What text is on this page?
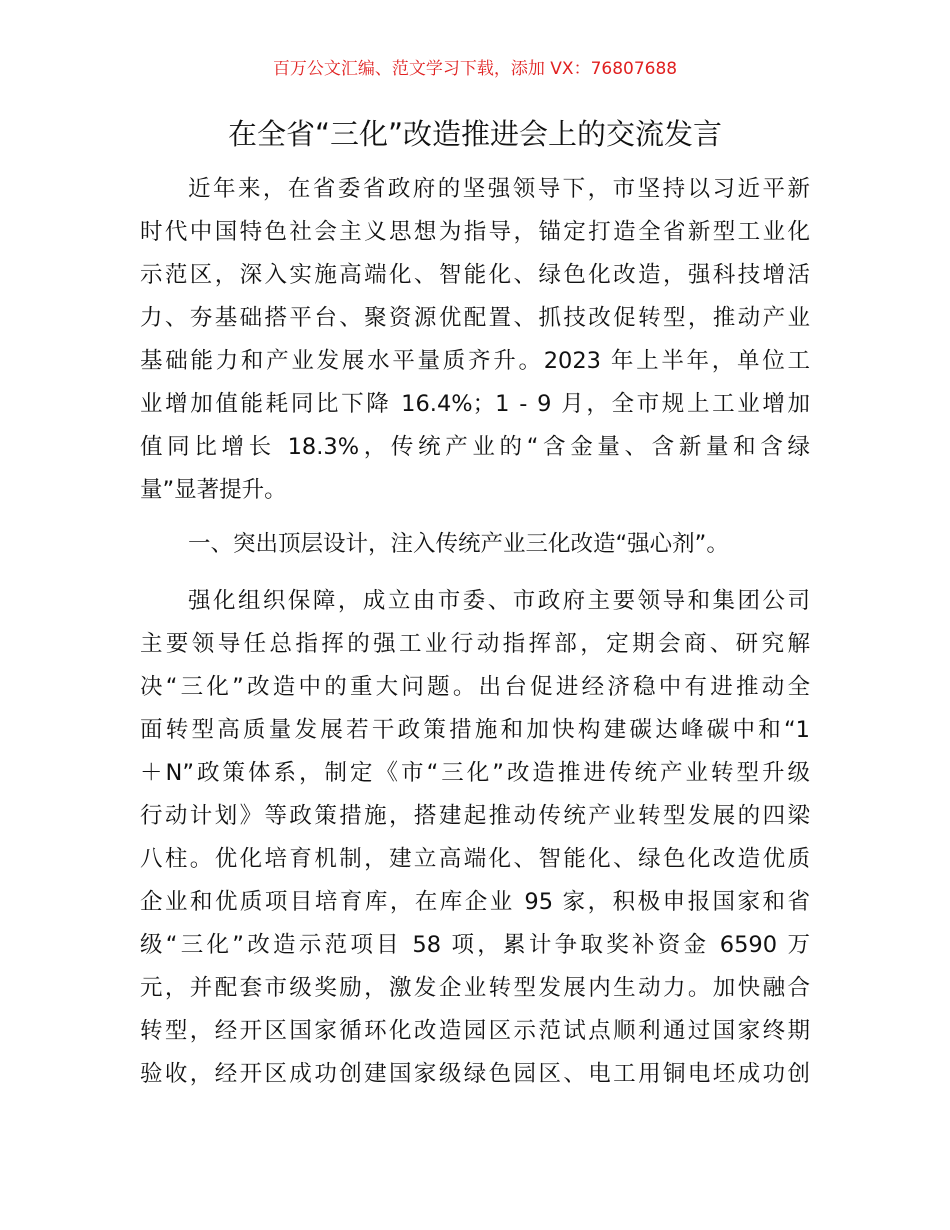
百万公文汇编、范文学习下载，添加 VX：76807688
在全省“三化”改造推进会上的交流发言
近年来，在省委省政府的坚强领导下，市坚持以习近平新
时代中国特色社会主义思想为指导，锚定打造全省新型工业化
示范区，深入实施高端化、智能化、绿色化改造，强科技增活
力、夯基础搭平台、聚资源优配置、抓技改促转型，推动产业
基础能力和产业发展水平量质齐升。2023 年上半年，单位工
业增加值能耗同比下降 16.4%；1 - 9 月，全市规上工业增加
值同比增长 18.3%，传统产业的“含金量、含新量和含绿
量”显著提升。
一、突出顶层设计，注入传统产业三化改造“强心剂”。
强化组织保障，成立由市委、市政府主要领导和集团公司
主要领导任总指挥的强工业行动指挥部，定期会商、研究解
决“三化”改造中的重大问题。出台促进经济稳中有进推动全
面转型高质量发展若干政策措施和加快构建碳达峰碳中和“1
＋N”政策体系，制定《市“三化”改造推进传统产业转型升级
行动计划》等政策措施，搭建起推动传统产业转型发展的四梁
八柱。优化培育机制，建立高端化、智能化、绿色化改造优质
企业和优质项目培育库，在库企业 95 家，积极申报国家和省
级“三化”改造示范项目 58 项，累计争取奖补资金 6590 万
元，并配套市级奖励，激发企业转型发展内生动力。加快融合
转型，经开区国家循环化改造园区示范试点顺利通过国家终期
验收，经开区成功创建国家级绿色园区、电工用铜电坯成功创
